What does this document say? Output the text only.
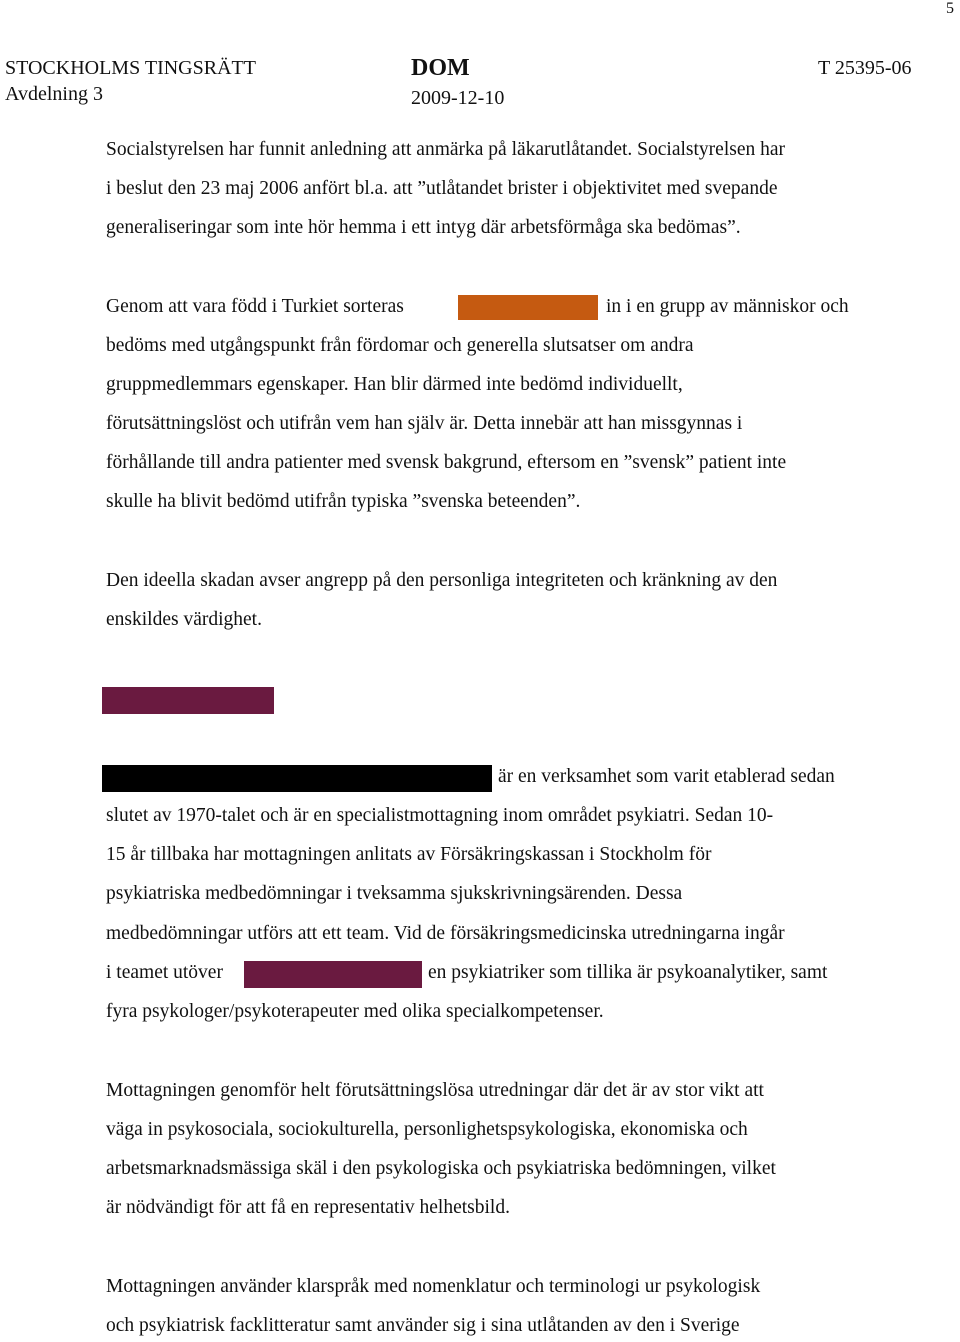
5
STOCKHOLMS TINGSRÄTT
Avdelning 3
DOM
2009-12-10
T 25395-06
Socialstyrelsen har funnit anledning att anmärka på läkarutlåtandet. Socialstyrelsen har
i beslut den 23 maj 2006 anfört bl.a. att ”utlåtandet brister i objektivitet med svepande
generaliseringar som inte hör hemma i ett intyg där arbetsförmåga ska bedömas”.
Genom att vara född i Turkiet sorteras	in i en grupp av människor och
bedöms med utgångspunkt från fördomar och generella slutsatser om andra
gruppmedlemmars egenskaper. Han blir därmed inte bedömd individuellt,
förutsättningslöst och utifrån vem han själv är. Detta innebär att han missgynnas i
förhållande till andra patienter med svensk bakgrund, eftersom en ”svensk” patient inte
skulle ha blivit bedömd utifrån typiska ”svenska beteenden”.
Den ideella skadan avser angrepp på den personliga integriteten och kränkning av den
enskildes värdighet.
är en verksamhet som varit etablerad sedan
slutet av 1970-talet och är en specialistmottagning inom området psykiatri. Sedan 10-
15 år tillbaka har mottagningen anlitats av Försäkringskassan i Stockholm för
psykiatriska medbedömningar i tveksamma sjukskrivningsärenden. Dessa
medbedömningar utförs att ett team. Vid de försäkringsmedicinska utredningarna ingår
i teamet utöver	en psykiatriker som tillika är psykoanalytiker, samt
fyra psykologer/psykoterapeuter med olika specialkompetenser.
Mottagningen genomför helt förutsättningslösa utredningar där det är av stor vikt att
väga in psykosociala, sociokulturella, personlighetspsykologiska, ekonomiska och
arbetsmarknadsmässiga skäl i den psykologiska och psykiatriska bedömningen, vilket
är nödvändigt för att få en representativ helhetsbild.
Mottagningen använder klarspråk med nomenklatur och terminologi ur psykologisk
och psykiatrisk facklitteratur samt använder sig i sina utlåtanden av den i Sverige
